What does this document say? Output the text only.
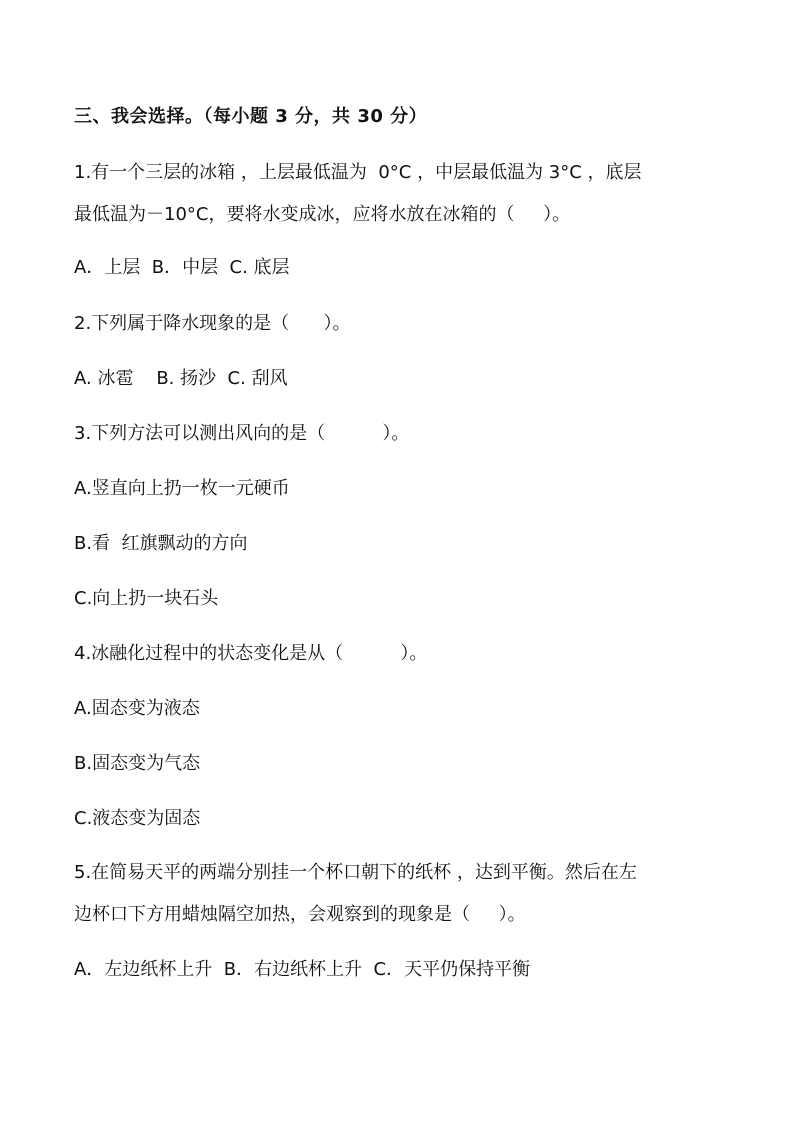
三、我会选择。（每小题 3 分，共 30 分）
1.有一个三层的冰箱 ，上层最低温为  0°C ，中层最低温为 3°C ，底层
最低温为－10°C，要将水变成冰，应将水放在冰箱的（     ）。
A．上层  B．中层  C. 底层
2.下列属于降水现象的是（      ）。
A. 冰雹    B. 扬沙  C. 刮风
3.下列方法可以测出风向的是（          ）。
A.竖直向上扔一枚一元硬币
B.看  红旗飘动的方向
C.向上扔一块石头
4.冰融化过程中的状态变化是从（          ）。
A.固态变为液态
B.固态变为气态
C.液态变为固态
5.在简易天平的两端分别挂一个杯口朝下的纸杯 ，达到平衡。然后在左
边杯口下方用蜡烛隔空加热，会观察到的现象是（     ）。
A．左边纸杯上升  B．右边纸杯上升  C．天平仍保持平衡
